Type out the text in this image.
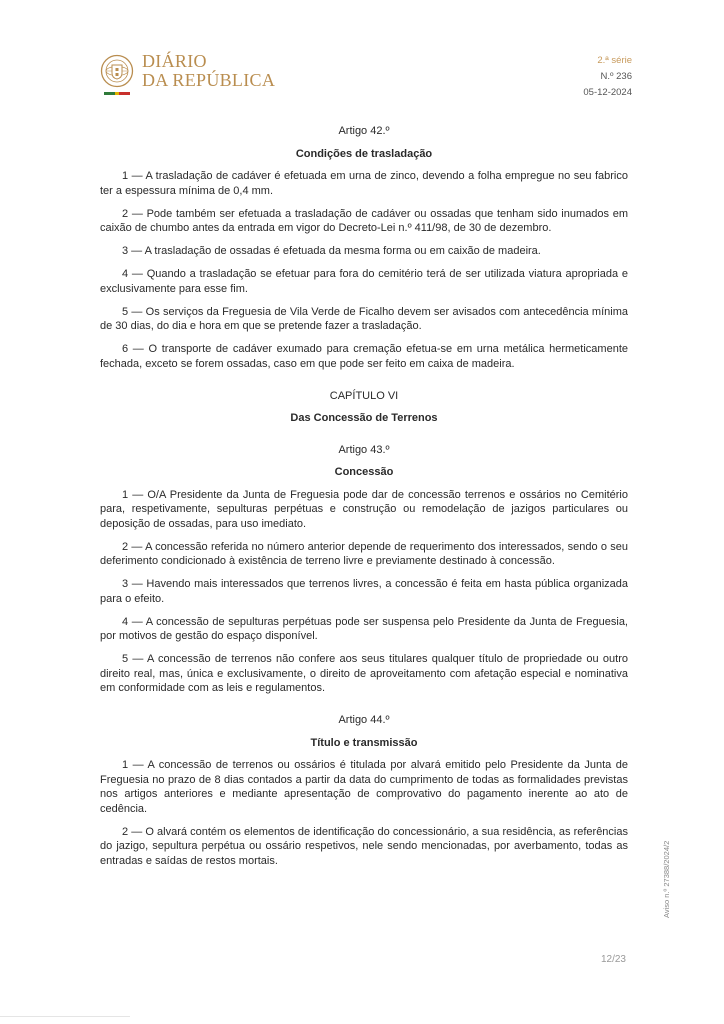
DIÁRIO
DA REPÚBLICA
2.ª série
N.º 236
05-12-2024
Artigo 42.º
Condições de trasladação

1 — A trasladação de cadáver é efetuada em urna de zinco, devendo a folha empregue no seu fabrico ter a espessura mínima de 0,4 mm.

2 — Pode também ser efetuada a trasladação de cadáver ou ossadas que tenham sido inumados em caixão de chumbo antes da entrada em vigor do Decreto-Lei n.º 411/98, de 30 de dezembro.

3 — A trasladação de ossadas é efetuada da mesma forma ou em caixão de madeira.

4 — Quando a trasladação se efetuar para fora do cemitério terá de ser utilizada viatura apropriada e exclusivamente para esse fim.

5 — Os serviços da Freguesia de Vila Verde de Ficalho devem ser avisados com antecedência mínima de 30 dias, do dia e hora em que se pretende fazer a trasladação.

6 — O transporte de cadáver exumado para cremação efetua-se em urna metálica hermeticamente fechada, exceto se forem ossadas, caso em que pode ser feito em caixa de madeira.

CAPÍTULO VI
Das Concessão de Terrenos
Artigo 43.º
Concessão

1 — O/A Presidente da Junta de Freguesia pode dar de concessão terrenos e ossários no Cemitério para, respetivamente, sepulturas perpétuas e construção ou remodelação de jazigos particulares ou deposição de ossadas, para uso imediato.

2 — A concessão referida no número anterior depende de requerimento dos interessados, sendo o seu deferimento condicionado à existência de terreno livre e previamente destinado à concessão.

3 — Havendo mais interessados que terrenos livres, a concessão é feita em hasta pública organizada para o efeito.

4 — A concessão de sepulturas perpétuas pode ser suspensa pelo Presidente da Junta de Freguesia, por motivos de gestão do espaço disponível.

5 — A concessão de terrenos não confere aos seus titulares qualquer título de propriedade ou outro direito real, mas, única e exclusivamente, o direito de aproveitamento com afetação especial e nominativa em conformidade com as leis e regulamentos.

Artigo 44.º
Título e transmissão

1 — A concessão de terrenos ou ossários é titulada por alvará emitido pelo Presidente da Junta de Freguesia no prazo de 8 dias contados a partir da data do cumprimento de todas as formalidades previstas nos artigos anteriores e mediante apresentação de comprovativo do pagamento inerente ao ato de cedência.

2 — O alvará contém os elementos de identificação do concessionário, a sua residência, as referências do jazigo, sepultura perpétua ou ossário respetivos, nele sendo mencionadas, por averbamento, todas as entradas e saídas de restos mortais.	Aviso n.º 27388/2024/2
12/23
